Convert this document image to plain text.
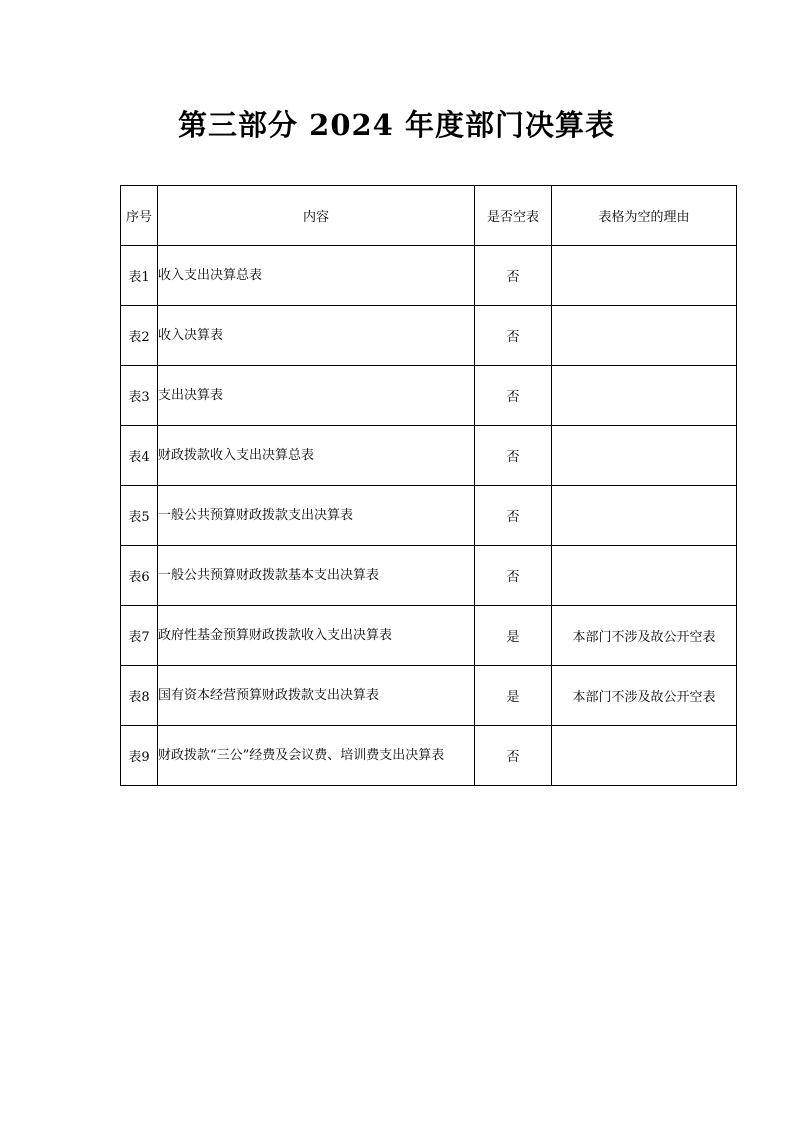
第三部分 2024 年度部门决算表
序号	内容	是否空表	表格为空的理由
表1	收入支出决算总表	否	
表2	收入决算表	否	
表3	支出决算表	否	
表4	财政拨款收入支出决算总表	否	
表5	一般公共预算财政拨款支出决算表	否	
表6	一般公共预算财政拨款基本支出决算表	否	
表7	政府性基金预算财政拨款收入支出决算表	是	本部门不涉及故公开空表
表8	国有资本经营预算财政拨款支出决算表	是	本部门不涉及故公开空表
表9	财政拨款“三公”经费及会议费、培训费支出决算表	否	
